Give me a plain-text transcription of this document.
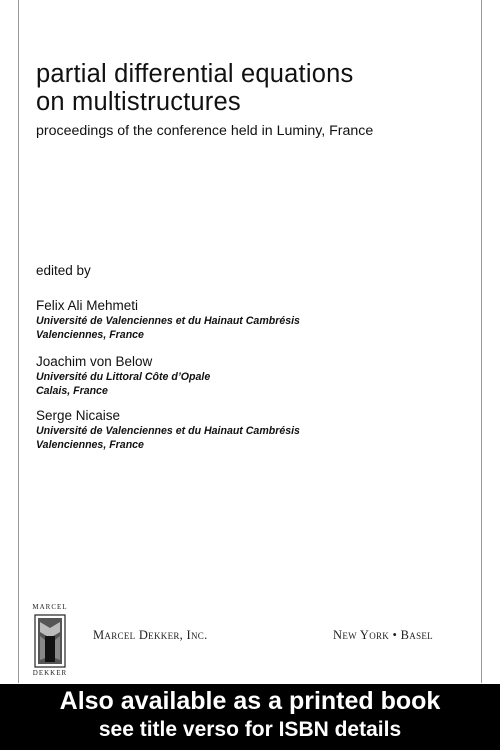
partial differential equations
on multistructures

proceedings of the conference held in Luminy, France

edited by

Felix Ali Mehmeti
Université de Valenciennes et du Hainaut Cambrésis
Valenciennes, France
Joachim von Below
Université du Littoral Côte d’Opale
Calais, France
Serge Nicaise
Université de Valenciennes et du Hainaut Cambrésis
Valenciennes, France
MARCEL
DEKKER
Marcel Dekker, Inc.	New York • Basel
Also available as a printed book
see title verso for ISBN details
